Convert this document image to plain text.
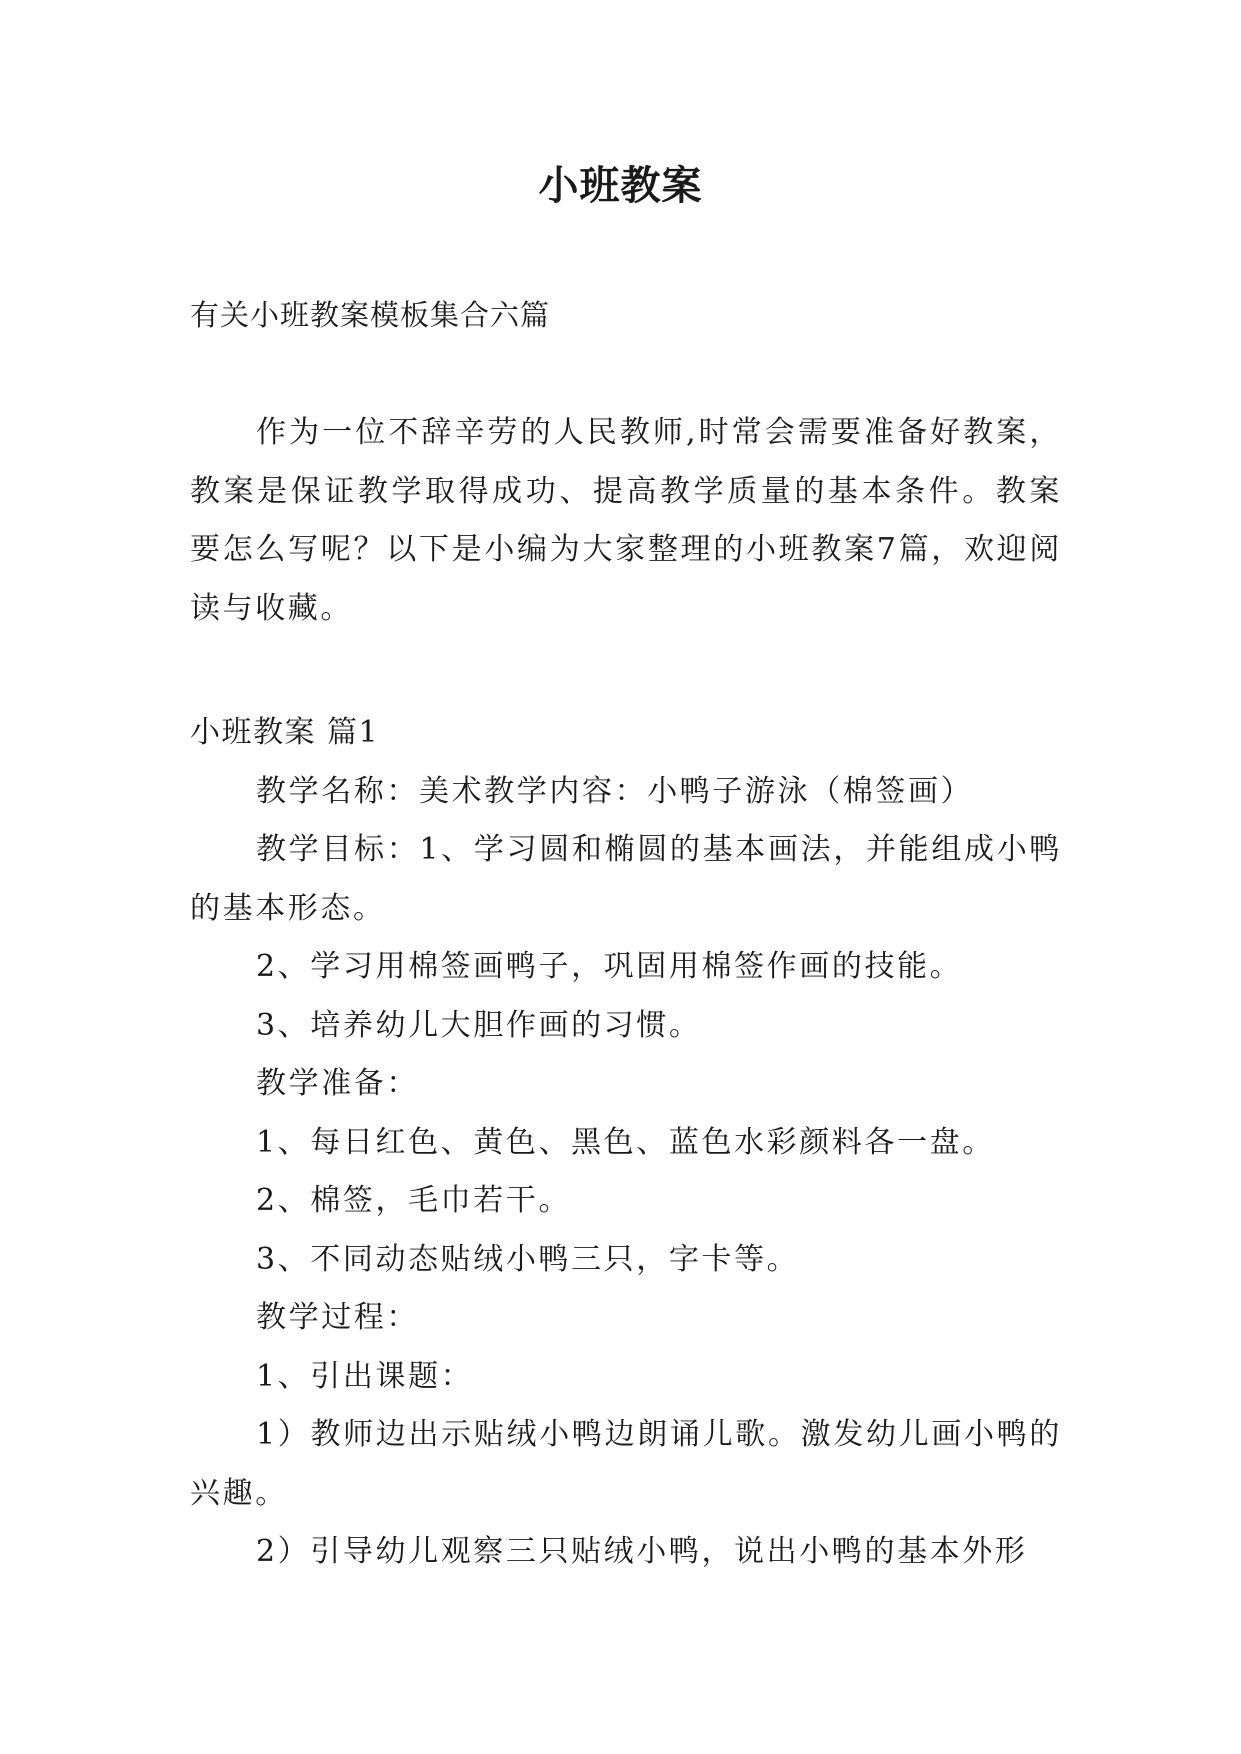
小班教案
有关小班教案模板集合六篇

作为一位不辞辛劳的人民教师,时常会需要准备好教案，教案是保证教学取得成功、提高教学质量的基本条件。教案要怎么写呢？以下是小编为大家整理的小班教案7篇，欢迎阅读与收藏。

小班教案 篇1

教学名称：美术教学内容：小鸭子游泳（棉签画）

教学目标：1、学习圆和椭圆的基本画法，并能组成小鸭的基本形态。

2、学习用棉签画鸭子，巩固用棉签作画的技能。

3、培养幼儿大胆作画的习惯。

教学准备：

1、每日红色、黄色、黑色、蓝色水彩颜料各一盘。

2、棉签，毛巾若干。

3、不同动态贴绒小鸭三只，字卡等。

教学过程：

1、引出课题：

1）教师边出示贴绒小鸭边朗诵儿歌。激发幼儿画小鸭的兴趣。

2）引导幼儿观察三只贴绒小鸭，说出小鸭的基本外形
